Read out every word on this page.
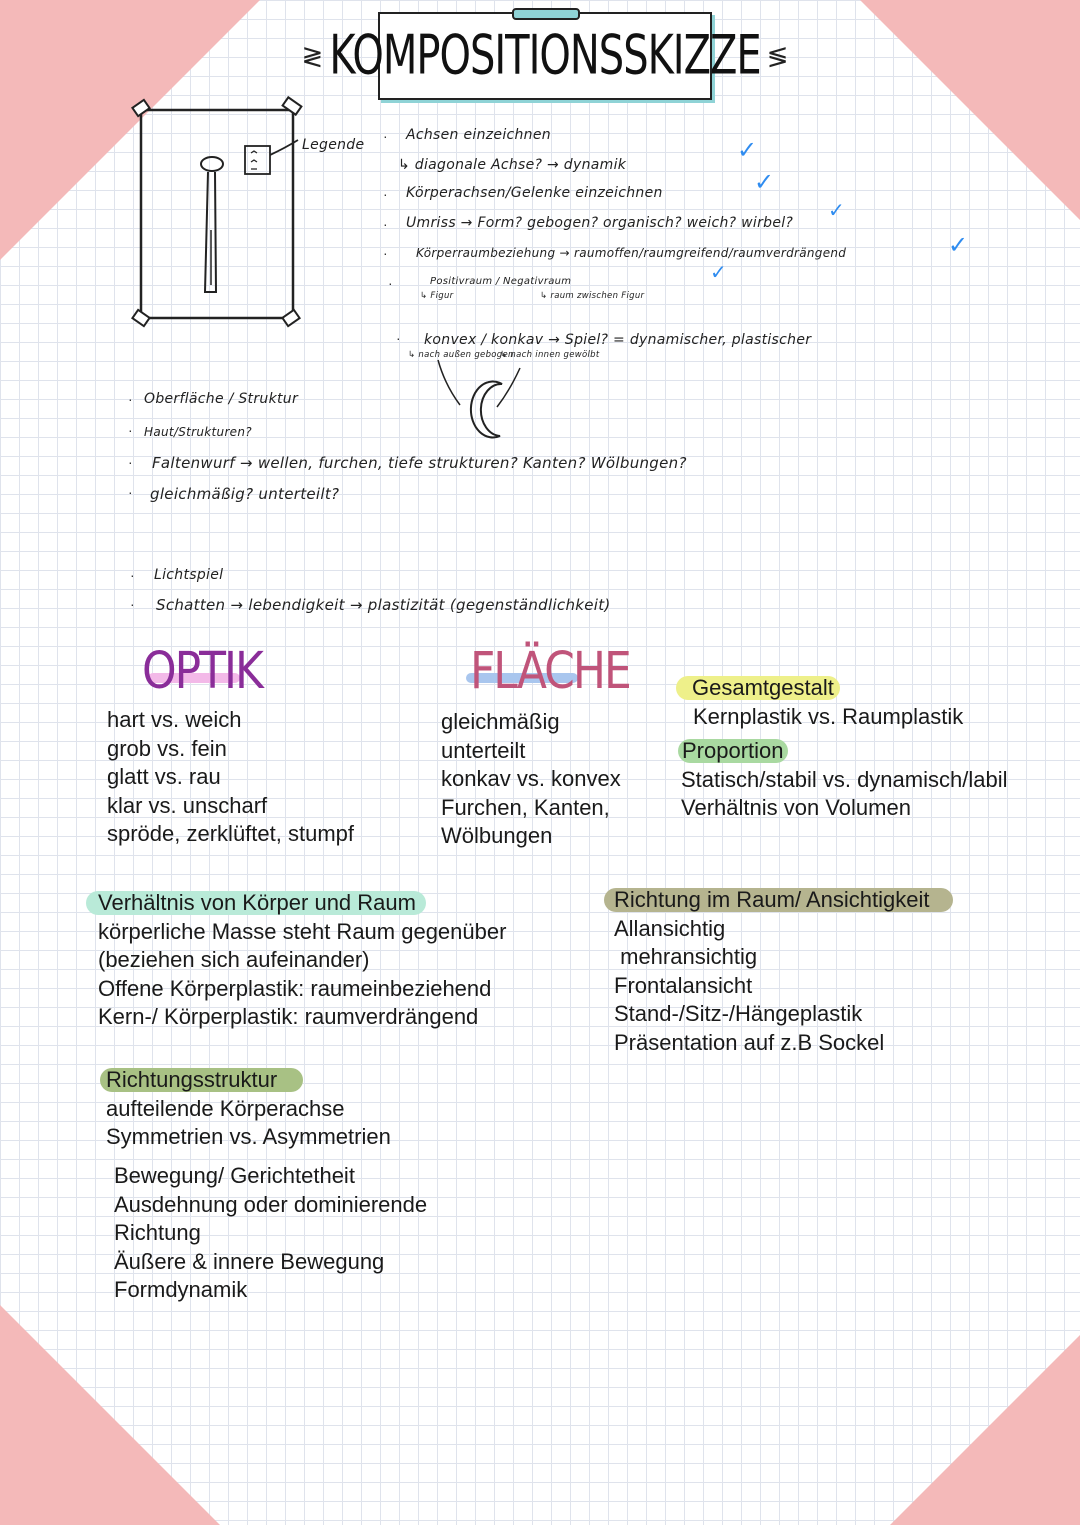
≷ KOMPOSITIONSSKIZZE ≶
Legende
· Achsen einzeichnen
↳ diagonale Achse? → dynamik
· Körperachsen/Gelenke einzeichnen
· Umriss → Form? gebogen? organisch? weich? wirbel?
· Körperraumbeziehung → raumoffen/raumgreifend/raumverdrängend
·	Positivraum / Negativraum
↳ Figur	↳ raum zwischen Figur
· konvex / konkav → Spiel? = dynamischer, plastischer
↳ nach außen gebogen
↳ nach innen gewölbt
· Oberfläche / Struktur
· Haut/Strukturen?
· Faltenwurf → wellen, furchen, tiefe strukturen? Kanten? Wölbungen?
· gleichmäßig? unterteilt?
· Lichtspiel
· Schatten → lebendigkeit → plastizität (gegenständlichkeit)
✓
✓
✓
✓
✓
OPTIK
hart vs. weich
grob vs. fein
glatt vs. rau
klar vs. unscharf
spröde, zerklüftet, stumpf
FLÄCHE
gleichmäßig
unterteilt
konkav vs. konvex
Furchen, Kanten,
Wölbungen
Gesamtgestalt
Kernplastik vs. Raumplastik
Proportion
Statisch/stabil vs. dynamisch/labil
Verhältnis von Volumen
Verhältnis von Körper und Raum
körperliche Masse steht Raum gegenüber
(beziehen sich aufeinander)
Offene Körperplastik: raumeinbeziehend
Kern-/ Körperplastik: raumverdrängend
Richtung im Raum/ Ansichtigkeit
Allansichtig
mehransichtig
Frontalansicht
Stand-/Sitz-/Hängeplastik
Präsentation auf z.B Sockel
Richtungsstruktur
aufteilende Körperachse
Symmetrien vs. Asymmetrien
Bewegung/ Gerichtetheit
Ausdehnung oder dominierende
Richtung
Äußere & innere Bewegung
Formdynamik
